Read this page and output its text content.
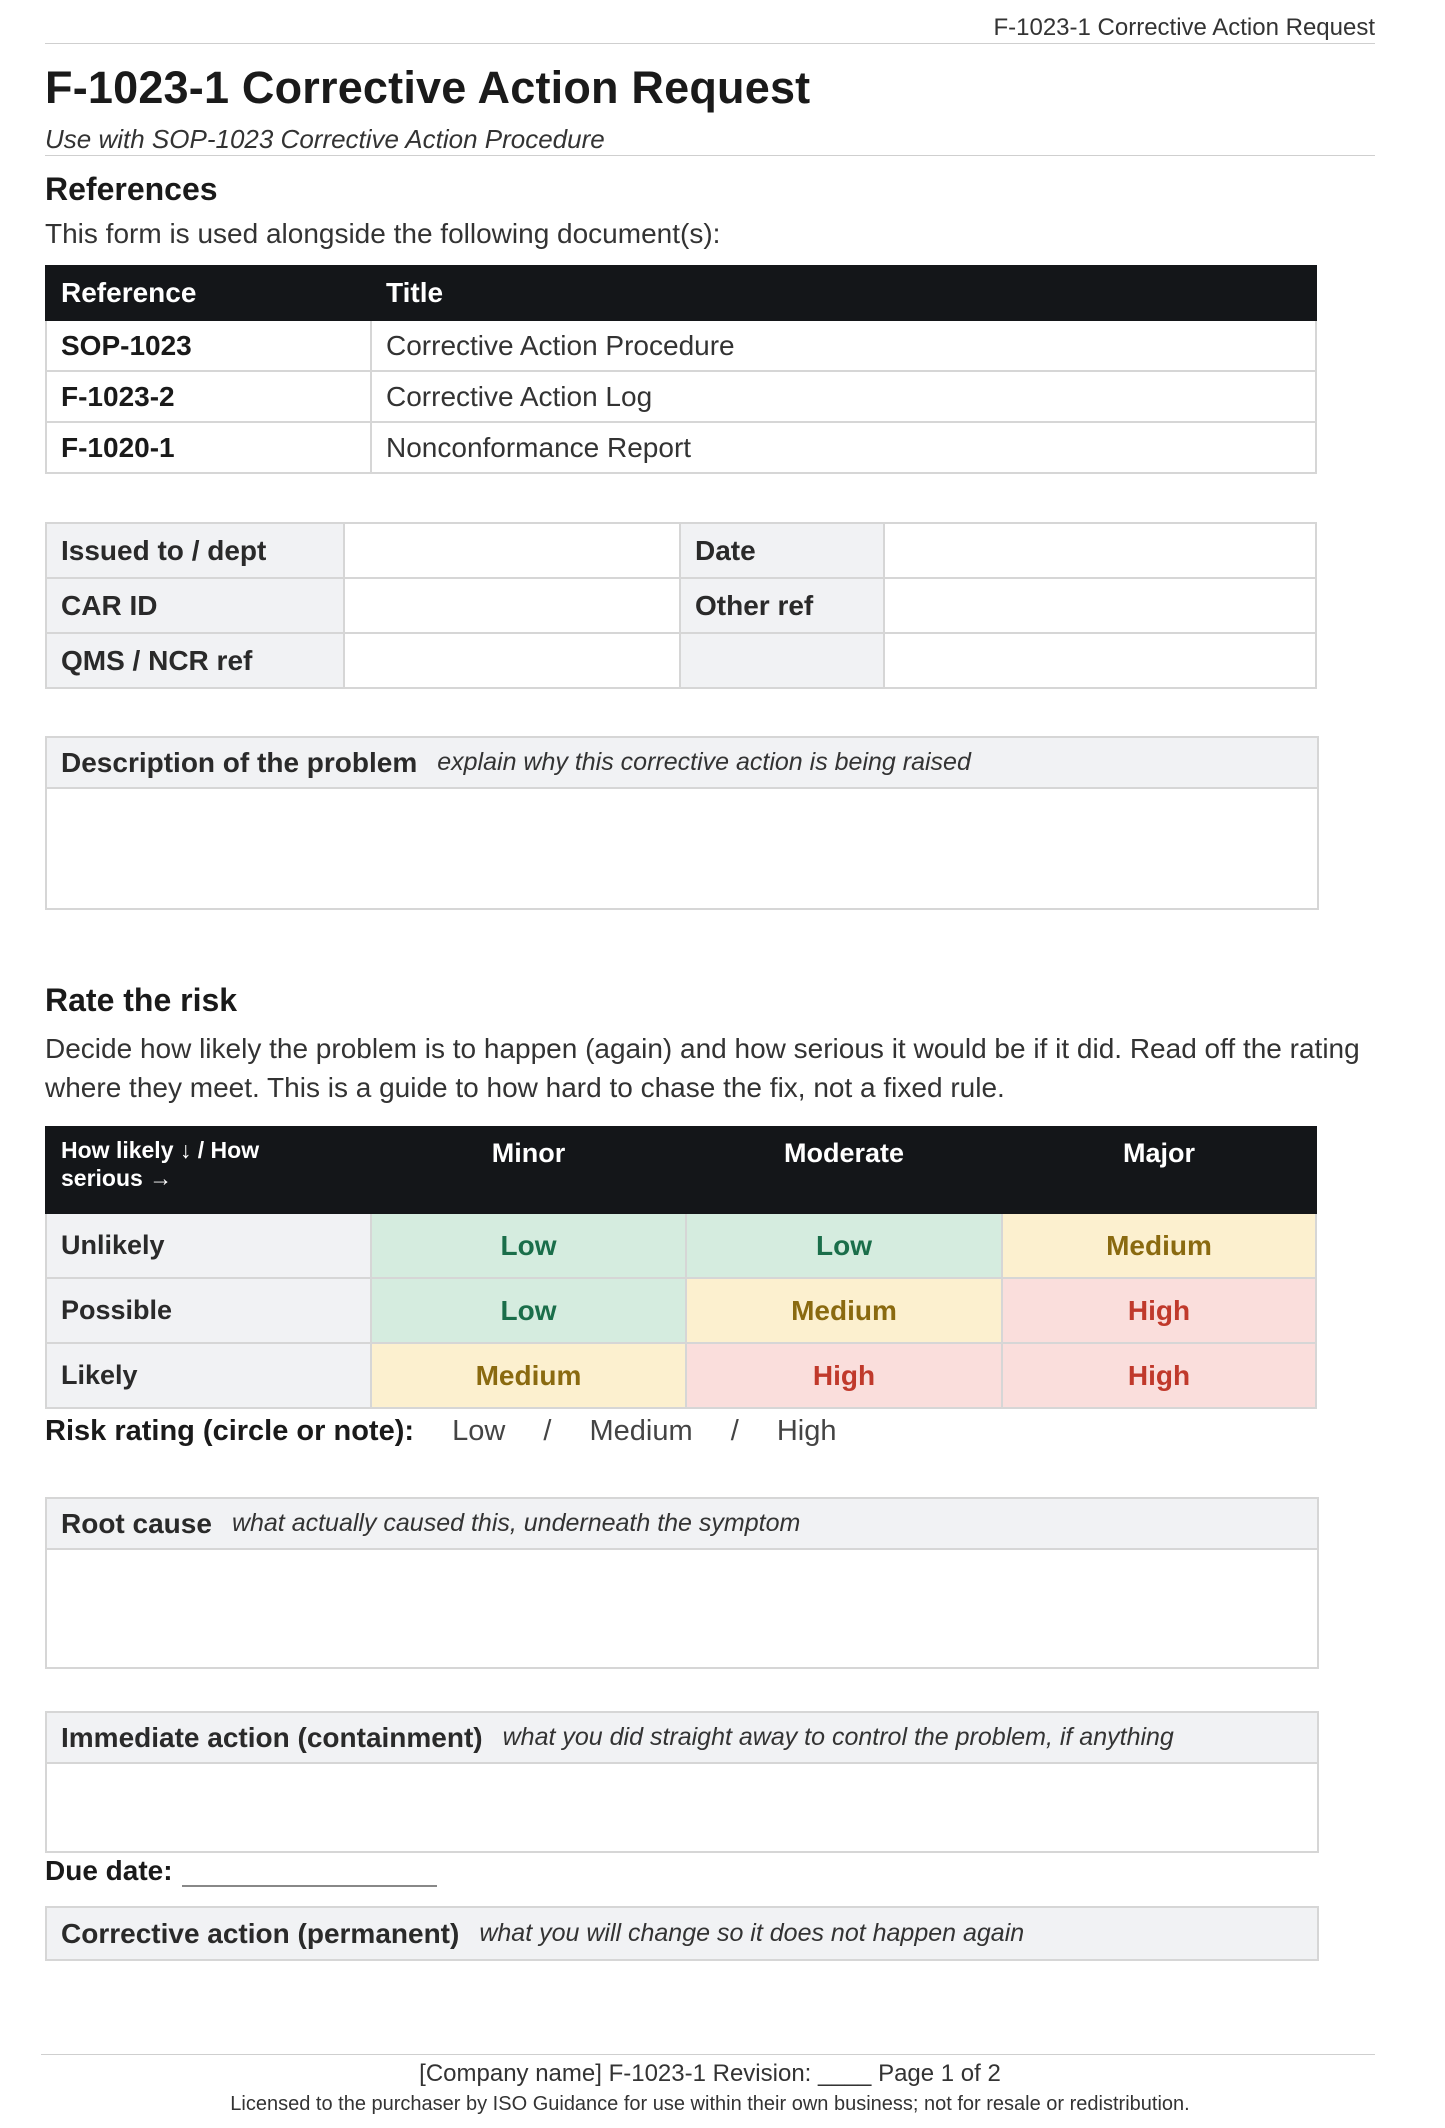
F-1023-1 Corrective Action Request
F-1023-1 Corrective Action Request
Use with SOP-1023 Corrective Action Procedure
References
This form is used alongside the following document(s):
Reference	Title
SOP-1023	Corrective Action Procedure
F-1023-2	Corrective Action Log
F-1020-1	Nonconformance Report
Issued to / dept		Date	
CAR ID		Other ref	
QMS / NCR ref			
Description of the problem explain why this corrective action is being raised
Rate the risk
Decide how likely the problem is to happen (again) and how serious it would be if it did. Read off the rating where they meet. This is a guide to how hard to chase the fix, not a fixed rule.
How likely ↓ / How
serious →	Minor	Moderate	Major
Unlikely	Low	Low	Medium
Possible	Low	Medium	High
Likely	Medium	High	High
Risk rating (circle or note): Low / Medium / High
Root cause what actually caused this, underneath the symptom
Immediate action (containment) what you did straight away to control the problem, if anything
Due date:
Corrective action (permanent) what you will change so it does not happen again
[Company name] F-1023-1 Revision: ____ Page 1 of 2
Licensed to the purchaser by ISO Guidance for use within their own business; not for resale or redistribution.
